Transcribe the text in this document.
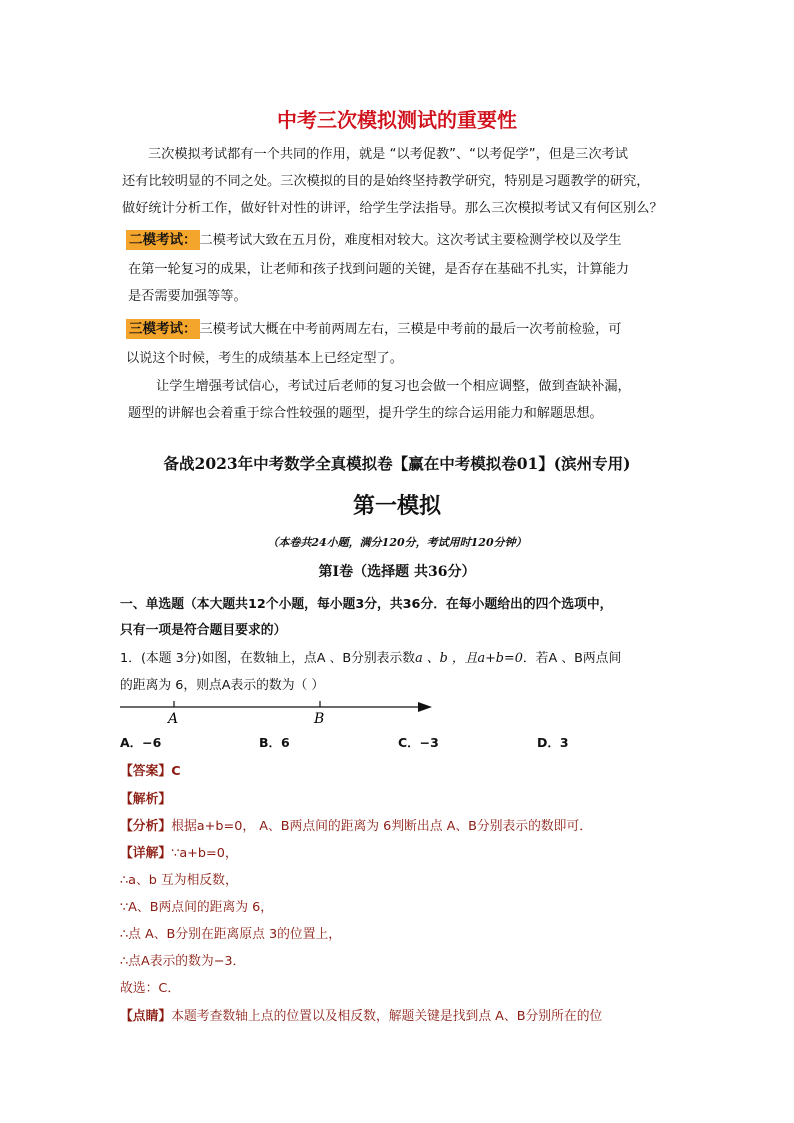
中考三次模拟测试的重要性
三次模拟考试都有一个共同的作用，就是 “以考促教”、“以考促学”，但是三次考试
还有比较明显的不同之处。三次模拟的目的是始终坚持教学研究，特别是习题教学的研究，
做好统计分析工作，做好针对性的讲评，给学生学法指导。那么三次模拟考试又有何区别么？
二模考试： 二模考试大致在五月份，难度相对较大。这次考试主要检测学校以及学生
在第一轮复习的成果，让老师和孩子找到问题的关键，是否存在基础不扎实，计算能力
是否需要加强等等。
三模考试： 三模考试大概在中考前两周左右，三模是中考前的最后一次考前检验，可
以说这个时候，考生的成绩基本上已经定型了。
让学生增强考试信心，考试过后老师的复习也会做一个相应调整，做到查缺补漏，
题型的讲解也会着重于综合性较强的题型，提升学生的综合运用能力和解题思想。
备战2023年中考数学全真模拟卷【赢在中考模拟卷01】(滨州专用)
第一模拟
（本卷共24小题，满分120分，考试用时120分钟）
第Ⅰ卷（选择题 共36分）
一、单选题（本大题共12个小题，每小题3分，共36分．在每小题给出的四个选项中，
只有一项是符合题目要求的）
1．(本题 3分)如图，在数轴上，点A 、B分别表示数a 、b ，且a+b=0．若A 、B两点间
的距离为 6，则点A表示的数为（ ）
A	B
A．−6	B．6	C．−3	D．3
【答案】C
【解析】
【分析】根据a+b=0， A、B两点间的距离为 6判断出点 A、B分别表示的数即可．
【详解】∵a+b=0，
∴a、b 互为相反数，
∵A、B两点间的距离为 6，
∴点 A、B分别在距离原点 3的位置上，
∴点A表示的数为−3．
故选：C．
【点睛】本题考查数轴上点的位置以及相反数，解题关键是找到点 A、B分别所在的位
